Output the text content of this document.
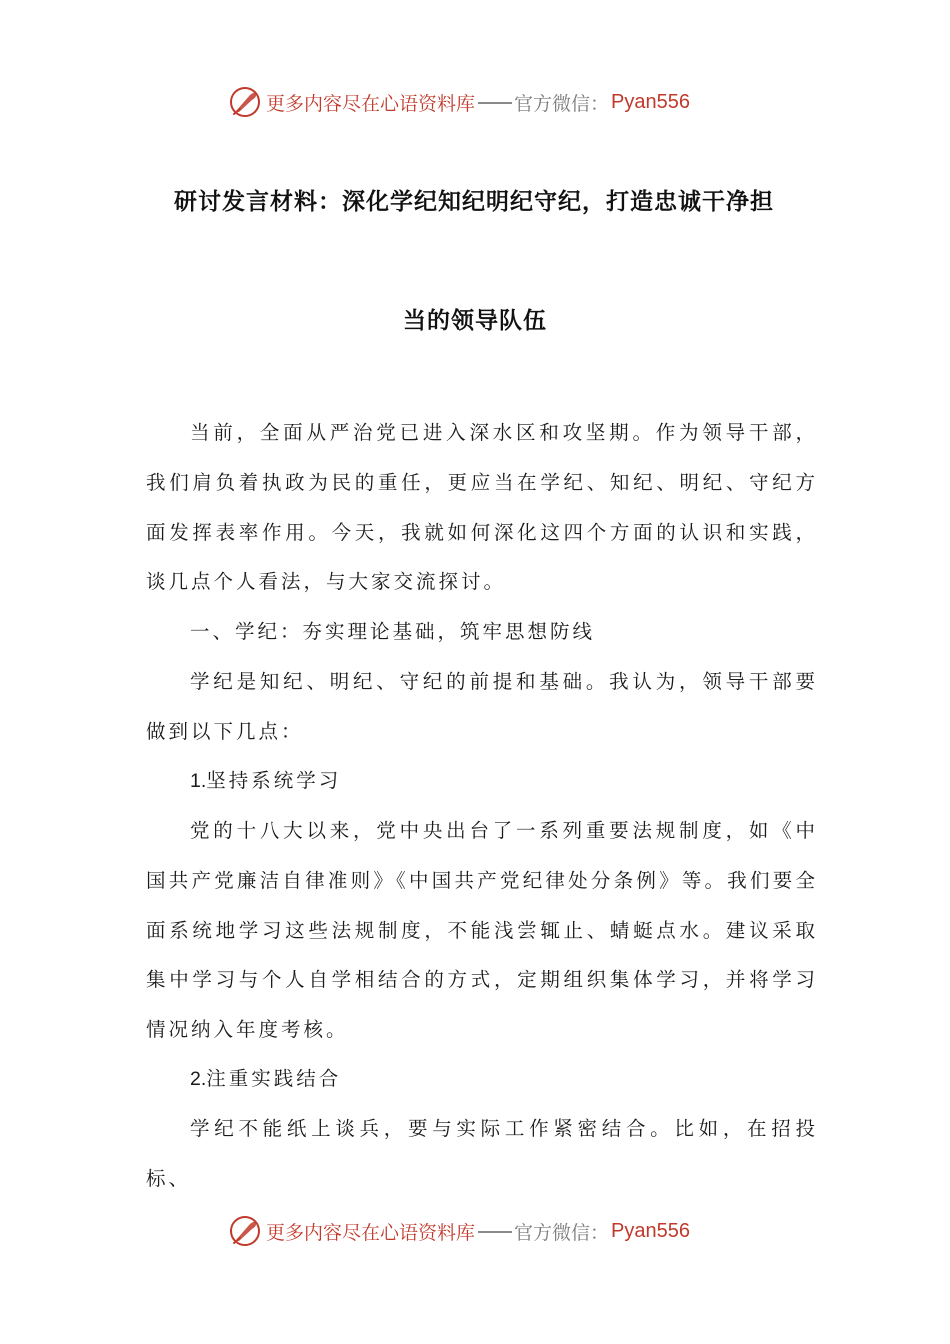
更多内容尽在心语资料库 官方微信： Pyan556
研讨发言材料：深化学纪知纪明纪守纪，打造忠诚干净担
当的领导队伍
当前，全面从严治党已进入深水区和攻坚期。作为领导干部，我们肩负着执政为民的重任，更应当在学纪、知纪、明纪、守纪方面发挥表率作用。今天，我就如何深化这四个方面的认识和实践，谈几点个人看法，与大家交流探讨。
一、学纪：夯实理论基础，筑牢思想防线
学纪是知纪、明纪、守纪的前提和基础。我认为，领导干部要做到以下几点：
1.坚持系统学习
党的十八大以来，党中央出台了一系列重要法规制度，如《中国共产党廉洁自律准则》《中国共产党纪律处分条例》等。我们要全面系统地学习这些法规制度，不能浅尝辄止、蜻蜓点水。建议采取集中学习与个人自学相结合的方式，定期组织集体学习，并将学习情况纳入年度考核。
2.注重实践结合
学纪不能纸上谈兵，要与实际工作紧密结合。比如，在招投标、
更多内容尽在心语资料库 官方微信： Pyan556
